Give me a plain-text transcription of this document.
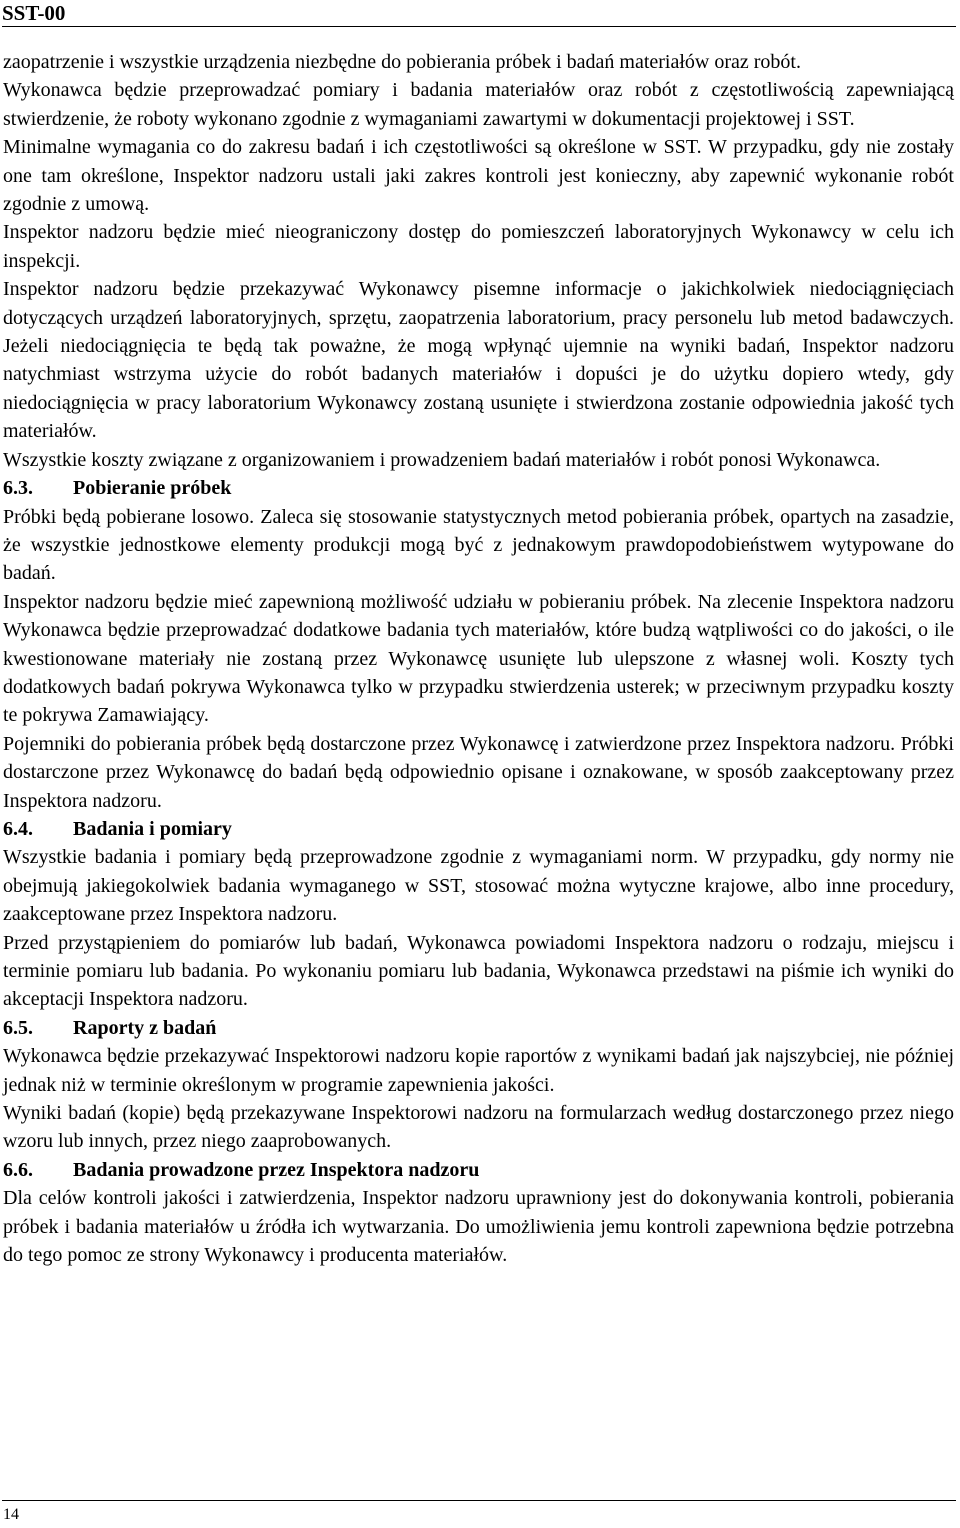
SST-00

zaopatrzenie i wszystkie urządzenia niezbędne do pobierania próbek i badań materiałów oraz robót.

Wykonawca będzie przeprowadzać pomiary i badania materiałów oraz robót z częstotliwością zapewniającą stwierdzenie, że roboty wykonano zgodnie z wymaganiami zawartymi w dokumentacji projektowej i SST.

Minimalne wymagania co do zakresu badań i ich częstotliwości są określone w SST. W przypadku, gdy nie zostały one tam określone, Inspektor nadzoru ustali jaki zakres kontroli jest konieczny, aby zapewnić wykonanie robót zgodnie z umową.

Inspektor nadzoru będzie mieć nieograniczony dostęp do pomieszczeń laboratoryjnych Wykonawcy w celu ich inspekcji.

Inspektor nadzoru będzie przekazywać Wykonawcy pisemne informacje o jakichkolwiek niedociągnięciach dotyczących urządzeń laboratoryjnych, sprzętu, zaopatrzenia laboratorium, pracy personelu lub metod badawczych. Jeżeli niedociągnięcia te będą tak poważne, że mogą wpłynąć ujemnie na wyniki badań, Inspektor nadzoru natychmiast wstrzyma użycie do robót badanych materiałów i dopuści je do użytku dopiero wtedy, gdy niedociągnięcia w pracy laboratorium Wykonawcy zostaną usunięte i stwierdzona zostanie odpowiednia jakość tych materiałów.

Wszystkie koszty związane z organizowaniem i prowadzeniem badań materiałów i robót ponosi Wykonawca.

6.3. Pobieranie próbek

Próbki będą pobierane losowo. Zaleca się stosowanie statystycznych metod pobierania próbek, opartych na zasadzie, że wszystkie jednostkowe elementy produkcji mogą być z jednakowym prawdopodobieństwem wytypowane do badań.

Inspektor nadzoru będzie mieć zapewnioną możliwość udziału w pobieraniu próbek. Na zlecenie Inspektora nadzoru Wykonawca będzie przeprowadzać dodatkowe badania tych materiałów, które budzą wątpliwości co do jakości, o ile kwestionowane materiały nie zostaną przez Wykonawcę usunięte lub ulepszone z własnej woli. Koszty tych dodatkowych badań pokrywa Wykonawca tylko w przypadku stwierdzenia usterek; w przeciwnym przypadku koszty te pokrywa Zamawiający.

Pojemniki do pobierania próbek będą dostarczone przez Wykonawcę i zatwierdzone przez Inspektora nadzoru. Próbki dostarczone przez Wykonawcę do badań będą odpowiednio opisane i oznakowane, w sposób zaakceptowany przez Inspektora nadzoru.

6.4. Badania i pomiary

Wszystkie badania i pomiary będą przeprowadzone zgodnie z wymaganiami norm. W przypadku, gdy normy nie obejmują jakiegokolwiek badania wymaganego w SST, stosować można wytyczne krajowe, albo inne procedury, zaakceptowane przez Inspektora nadzoru.

Przed przystąpieniem do pomiarów lub badań, Wykonawca powiadomi Inspektora nadzoru o rodzaju, miejscu i terminie pomiaru lub badania. Po wykonaniu pomiaru lub badania, Wykonawca przedstawi na piśmie ich wyniki do akceptacji Inspektora nadzoru.

6.5. Raporty z badań

Wykonawca będzie przekazywać Inspektorowi nadzoru kopie raportów z wynikami badań jak najszybciej, nie później jednak niż w terminie określonym w programie zapewnienia jakości.

Wyniki badań (kopie) będą przekazywane Inspektorowi nadzoru na formularzach według dostarczonego przez niego wzoru lub innych, przez niego zaaprobowanych.

6.6. Badania prowadzone przez Inspektora nadzoru

Dla celów kontroli jakości i zatwierdzenia, Inspektor nadzoru uprawniony jest do dokonywania kontroli, pobierania próbek i badania materiałów u źródła ich wytwarzania. Do umożliwienia jemu kontroli zapewniona będzie potrzebna do tego pomoc ze strony Wykonawcy i producenta materiałów.

14
